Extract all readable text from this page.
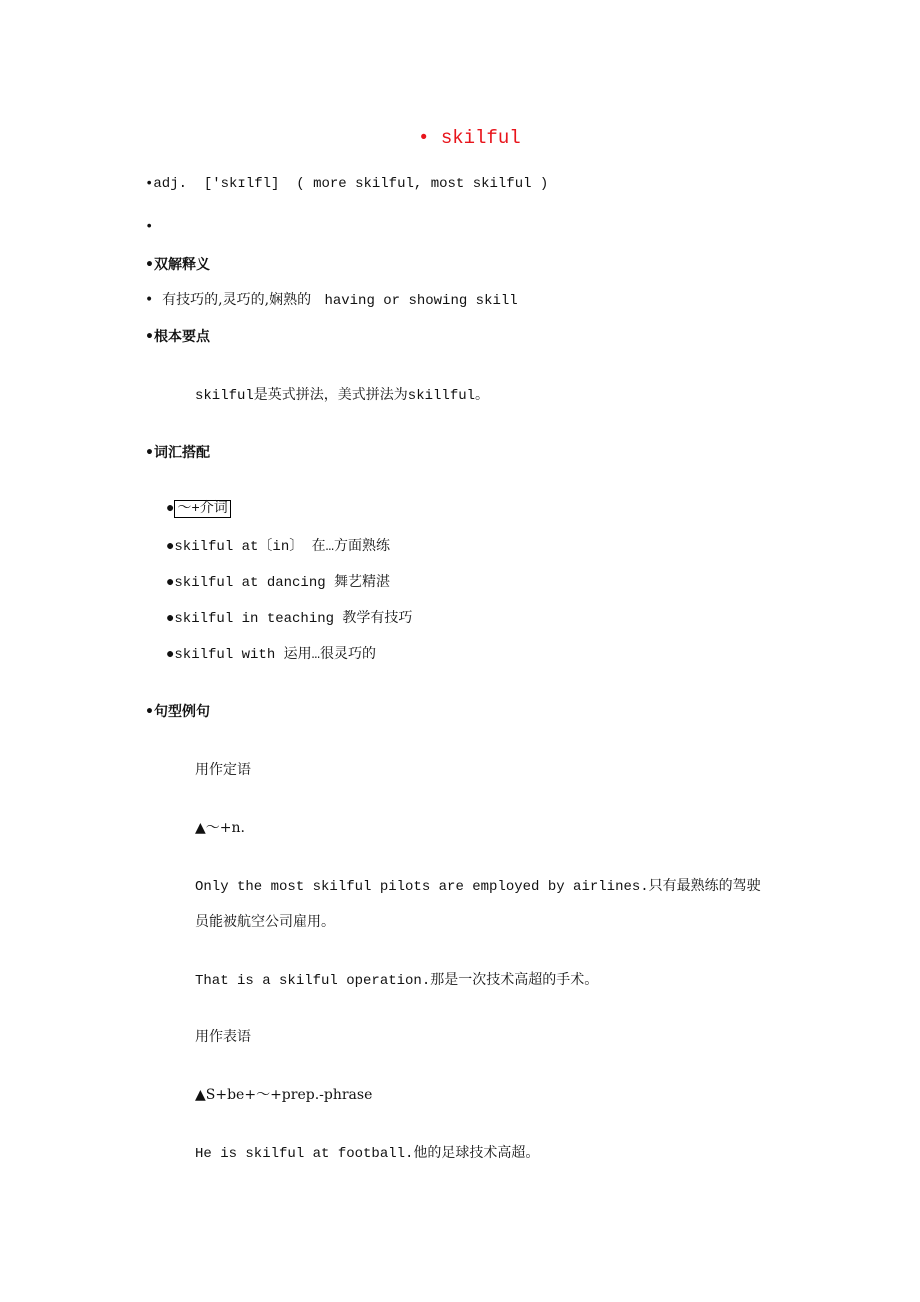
• skilful
•adj. ['skɪlfl] ( more skilful, most skilful )
•
•双解释义
• 有技巧的,灵巧的,娴熟的 having or showing skill
•根本要点
skilful是英式拼法，美式拼法为skillful。
•词汇搭配
● ～+介词
●skilful at〔in〕 在…方面熟练
●skilful at dancing 舞艺精湛
●skilful in teaching 教学有技巧
●skilful with 运用…很灵巧的
•句型例句
用作定语
▲～+n.
Only the most skilful pilots are employed by airlines.只有最熟练的驾驶
员能被航空公司雇用。
That is a skilful operation.那是一次技术高超的手术。
用作表语
▲S+be+～+prep.-phrase
He is skilful at football.他的足球技术高超。
